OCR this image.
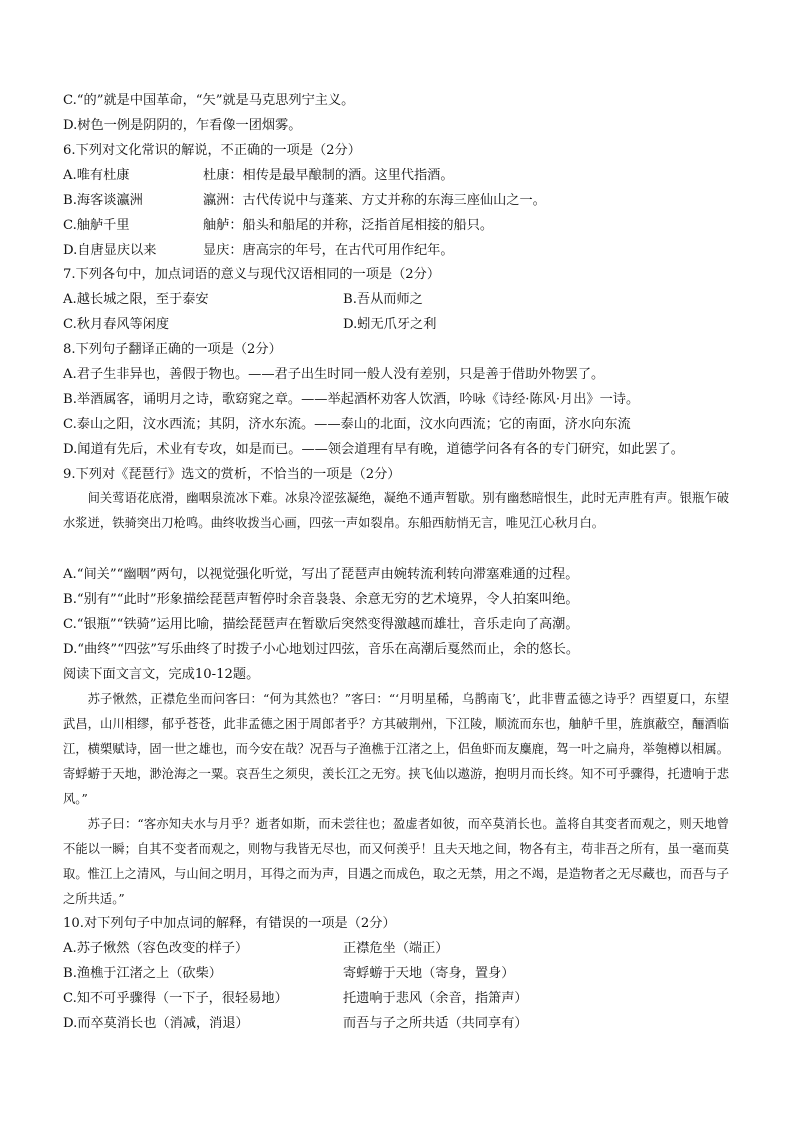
C.“的”就是中国革命，“矢”就是马克思列宁主义。
D.树色一例是阴阴的，乍看像一团烟雾。
6.下列对文化常识的解说，不正确的一项是（2分）
A.唯有杜康	杜康：相传是最早酿制的酒。这里代指酒。
B.海客谈瀛洲	瀛洲：古代传说中与蓬莱、方丈并称的东海三座仙山之一。
C.舳舻千里	舳舻：船头和船尾的并称，泛指首尾相接的船只。
D.自唐显庆以来	显庆：唐高宗的年号，在古代可用作纪年。
7.下列各句中，加点词语的意义与现代汉语相同的一项是（2分）
A.越长城之限，至于泰安	B.吾从而师之
C.秋月春风等闲度	D.蚓无爪牙之利
8.下列句子翻译正确的一项是（2分）
A.君子生非异也，善假于物也。——君子出生时同一般人没有差别，只是善于借助外物罢了。
B.举酒属客，诵明月之诗，歌窈窕之章。——举起酒杯劝客人饮酒，吟咏《诗经·陈风·月出》一诗。
C.泰山之阳，汶水西流；其阴，济水东流。——泰山的北面，汶水向西流；它的南面，济水向东流
D.闻道有先后，术业有专攻，如是而已。——领会道理有早有晚，道德学问各有各的专门研究，如此罢了。
9.下列对《琵琶行》选文的赏析，不恰当的一项是（2分）
间关莺语花底滑，幽咽泉流冰下难。冰泉冷涩弦凝绝，凝绝不通声暂歇。别有幽愁暗恨生，此时无声胜有声。银瓶乍破水浆迸，铁骑突出刀枪鸣。曲终收拨当心画，四弦一声如裂帛。东船西舫悄无言，唯见江心秋月白。
A.“间关”“幽咽”两句，以视觉强化听觉，写出了琵琶声由婉转流利转向滞塞难通的过程。
B.“别有”“此时”形象描绘琵琶声暂停时余音袅袅、余意无穷的艺术境界，令人拍案叫绝。
C.“银瓶”“铁骑”运用比喻，描绘琵琶声在暂歇后突然变得激越而雄壮，音乐走向了高潮。
D.“曲终”“四弦”写乐曲终了时拨子小心地划过四弦，音乐在高潮后戛然而止，余的悠长。
阅读下面文言文，完成10-12题。
苏子愀然，正襟危坐而问客曰：“何为其然也？”客曰：“‘月明星稀，乌鹊南飞’，此非曹孟德之诗乎？西望夏口，东望武昌，山川相缪，郁乎苍苍，此非孟德之困于周郎者乎？方其破荆州，下江陵，顺流而东也，舳舻千里，旌旗蔽空，酾酒临江，横槊赋诗，固一世之雄也，而今安在哉？况吾与子渔樵于江渚之上，侣鱼虾而友麋鹿，驾一叶之扁舟，举匏樽以相属。寄蜉蝣于天地，渺沧海之一粟。哀吾生之须臾，羡长江之无穷。挟飞仙以遨游，抱明月而长终。知不可乎骤得，托遗响于悲风。”
苏子曰：“客亦知夫水与月乎？逝者如斯，而未尝往也；盈虚者如彼，而卒莫消长也。盖将自其变者而观之，则天地曾不能以一瞬；自其不变者而观之，则物与我皆无尽也，而又何羡乎！且夫天地之间，物各有主，苟非吾之所有，虽一毫而莫取。惟江上之清风，与山间之明月，耳得之而为声，目遇之而成色，取之无禁，用之不竭，是造物者之无尽藏也，而吾与子之所共适。”
10.对下列句子中加点词的解释，有错误的一项是（2分）
A.苏子愀然（容色改变的样子）	正襟危坐（端正）
B.渔樵于江渚之上（砍柴）	寄蜉蝣于天地（寄身，置身）
C.知不可乎骤得（一下子，很轻易地）	托遗响于悲风（余音，指箫声）
D.而卒莫消长也（消减，消退）	而吾与子之所共适（共同享有）
